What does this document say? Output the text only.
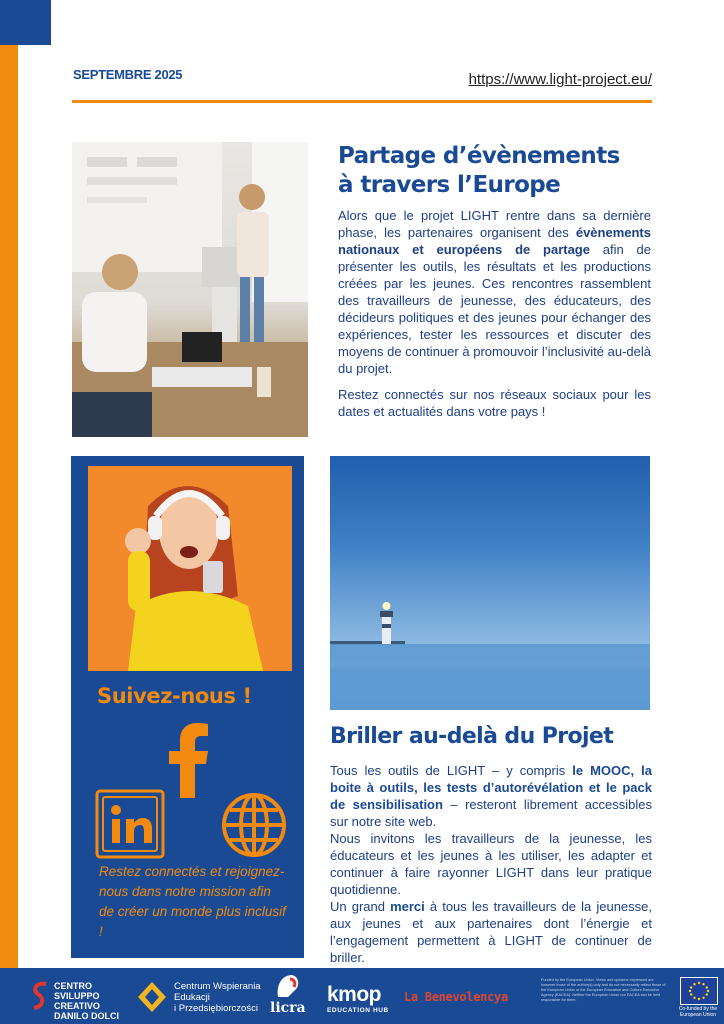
SEPTEMBRE 2025	https://www.light-project.eu/
Partage d’évènements
à travers l’Europe
Alors que le projet LIGHT rentre dans sa dernière phase, les partenaires organisent des évènements nationaux et européens de partage afin de présenter les outils, les résultats et les productions créées par les jeunes. Ces rencontres rassemblent des travailleurs de jeunesse, des éducateurs, des décideurs politiques et des jeunes pour échanger des expériences, tester les ressources et discuter des moyens de continuer à promouvoir l’inclusivité au-delà du projet.
Restez connectés sur nos réseaux sociaux pour les dates et actualités dans votre pays !
Suivez-nous !
Restez connectés et rejoignez-nous dans notre mission afin de créer un monde plus inclusif !
Briller au-delà du Projet
Tous les outils de LIGHT – y compris le MOOC, la boite à outils, les tests d’autorévélation et le pack de sensibilisation – resteront librement accessibles sur notre site web.
Nous invitons les travailleurs de la jeunesse, les éducateurs et les jeunes à les utiliser, les adapter et continuer à faire rayonner LIGHT dans leur pratique quotidienne.
Un grand merci à tous les travailleurs de la jeunesse, aux jeunes et aux partenaires dont l’énergie et l’engagement permettent à LIGHT de continuer de briller.
CENTRO SVILUPPO
CREATIVO
DANILO DOLCI
Centrum Wspierania
Edukacji
i Przedsiębiorczości licra
kmop
EDUCATION HUB
La Benevolencya
Funded by the European Union. Views and opinions expressed are however those of the author(s) only and do not necessarily reflect those of the European Union or the European Education and Culture Executive Agency (EACEA). Neither the European Union nor EACEA can be held responsible for them.
Co-funded by the European Union
